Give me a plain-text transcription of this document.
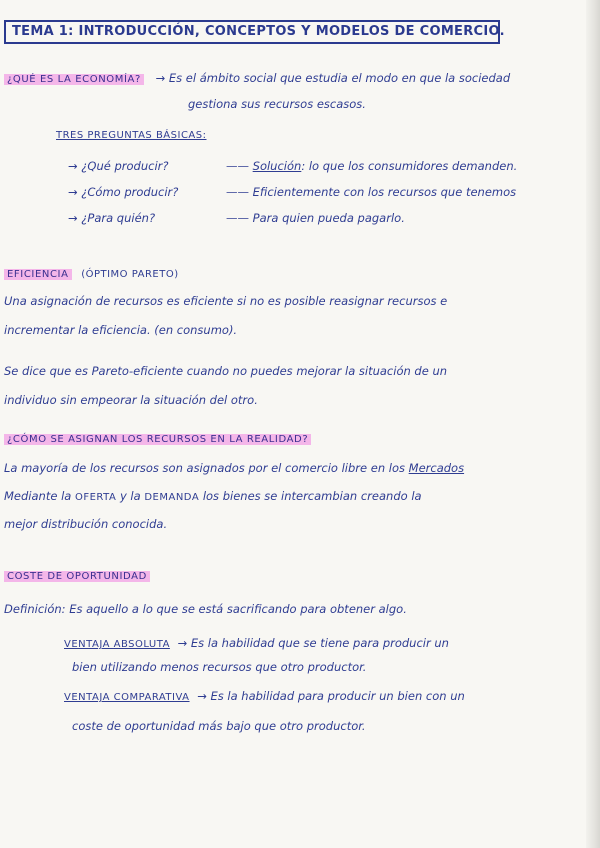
TEMA 1: INTRODUCCIÓN, CONCEPTOS Y MODELOS DE COMERCIO.
¿QUÉ ES LA ECONOMÍA? → Es el ámbito social que estudia el modo en que la sociedad
gestiona sus recursos escasos.
TRES PREGUNTAS BÁSICAS:
→ ¿Qué producir?	—— Solución: lo que los consumidores demanden.
→ ¿Cómo producir?	—— Eficientemente con los recursos que tenemos
→ ¿Para quién?	—— Para quien pueda pagarlo.
EFICIENCIA (ÓPTIMO PARETO)
Una asignación de recursos es eficiente si no es posible reasignar recursos e
incrementar la eficiencia. (en consumo).
Se dice que es Pareto-eficiente cuando no puedes mejorar la situación de un
individuo sin empeorar la situación del otro.
¿CÓMO SE ASIGNAN LOS RECURSOS EN LA REALIDAD?
La mayoría de los recursos son asignados por el comercio libre en los Mercados
Mediante la OFERTA y la DEMANDA los bienes se intercambian creando la
mejor distribución conocida.
COSTE DE OPORTUNIDAD
Definición: Es aquello a lo que se está sacrificando para obtener algo.
VENTAJA ABSOLUTA → Es la habilidad que se tiene para producir un
bien utilizando menos recursos que otro productor.
VENTAJA COMPARATIVA → Es la habilidad para producir un bien con un
coste de oportunidad más bajo que otro productor.
